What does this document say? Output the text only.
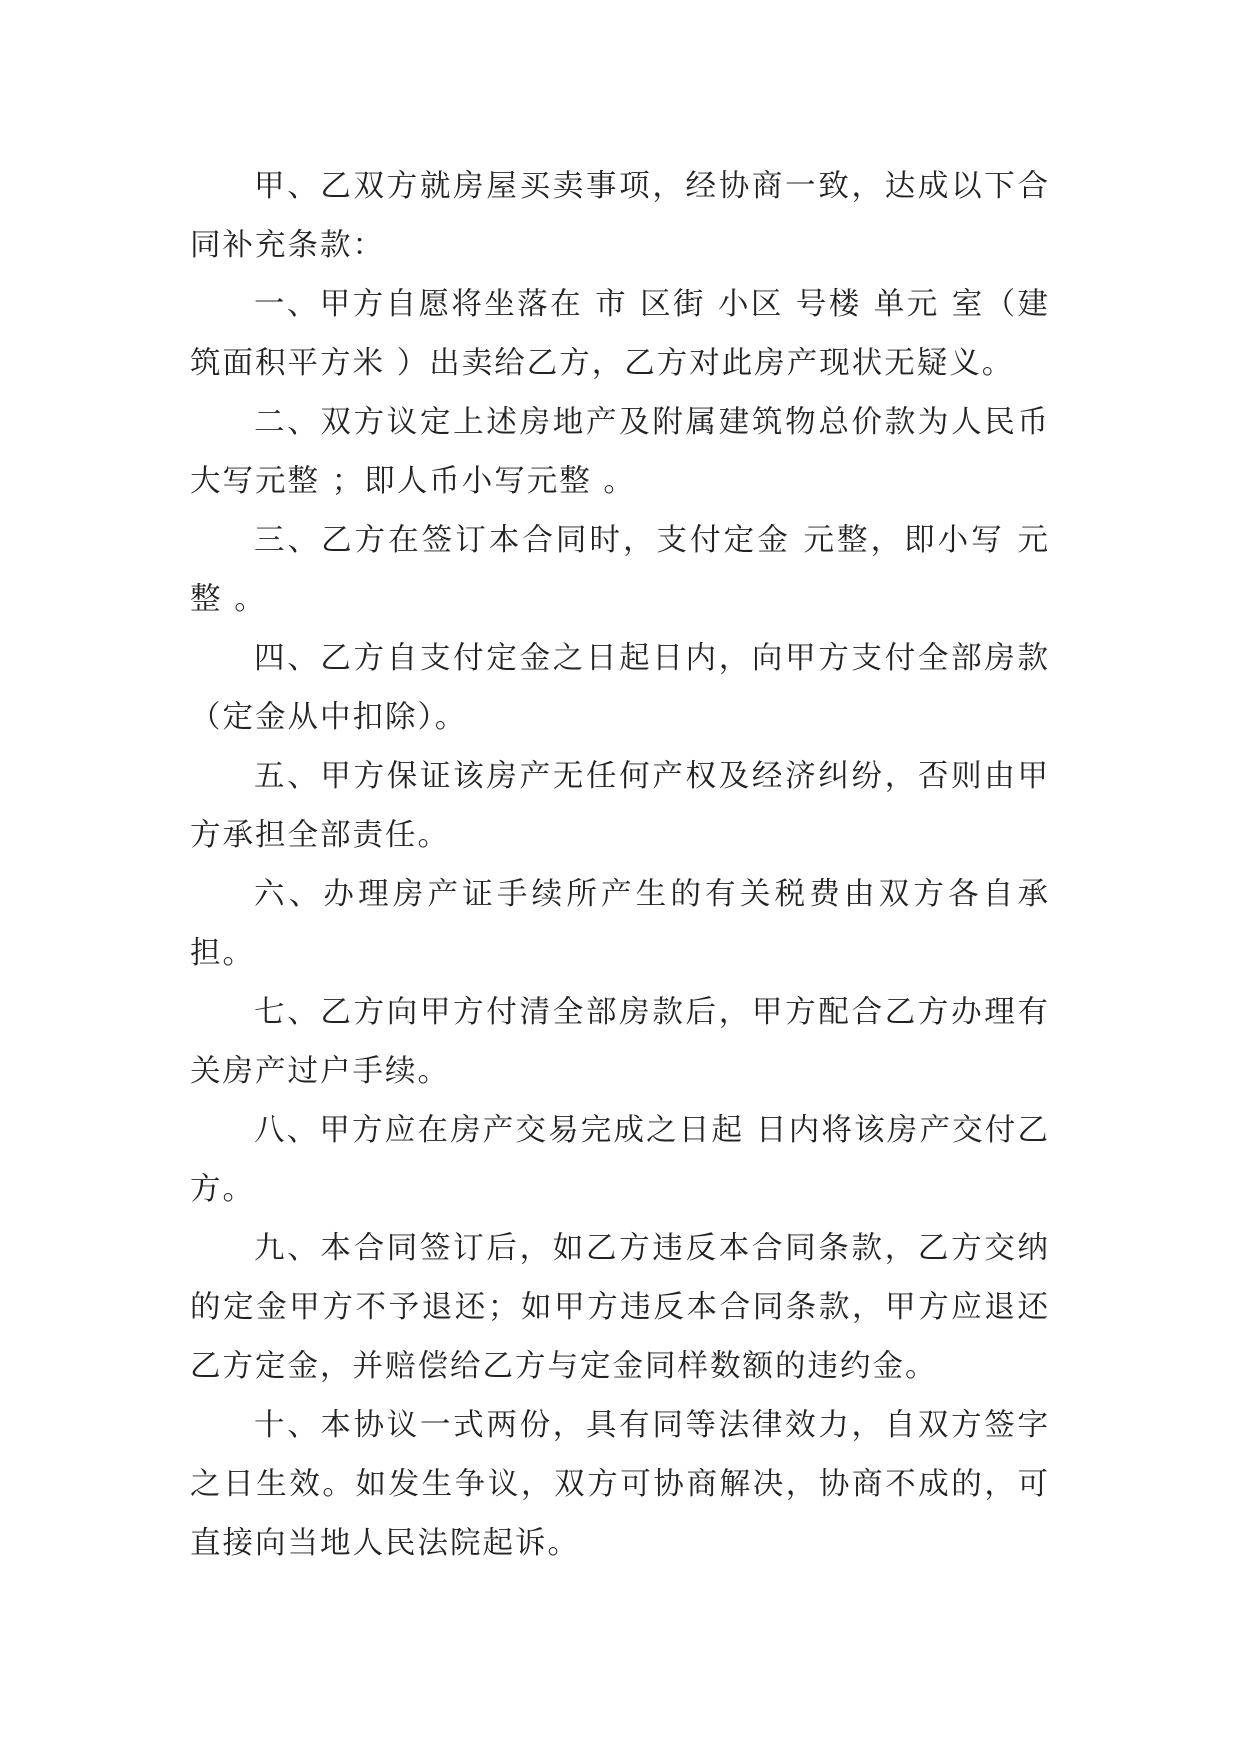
甲、乙双方就房屋买卖事项，经协商一致，达成以下合同补充条款：

一、甲方自愿将坐落在 市 区街 小区 号楼 单元 室（建筑面积平方米 ）出卖给乙方，乙方对此房产现状无疑义。

二、双方议定上述房地产及附属建筑物总价款为人民币大写元整 ；即人币小写元整 。

三、乙方在签订本合同时，支付定金 元整，即小写 元整 。

四、乙方自支付定金之日起日内，向甲方支付全部房款（定金从中扣除）。

五、甲方保证该房产无任何产权及经济纠纷，否则由甲方承担全部责任。

六、办理房产证手续所产生的有关税费由双方各自承担。

七、乙方向甲方付清全部房款后，甲方配合乙方办理有关房产过户手续。

八、甲方应在房产交易完成之日起 日内将该房产交付乙方。

九、本合同签订后，如乙方违反本合同条款，乙方交纳的定金甲方不予退还；如甲方违反本合同条款，甲方应退还乙方定金，并赔偿给乙方与定金同样数额的违约金。

十、本协议一式两份，具有同等法律效力，自双方签字之日生效。如发生争议，双方可协商解决，协商不成的，可直接向当地人民法院起诉。
